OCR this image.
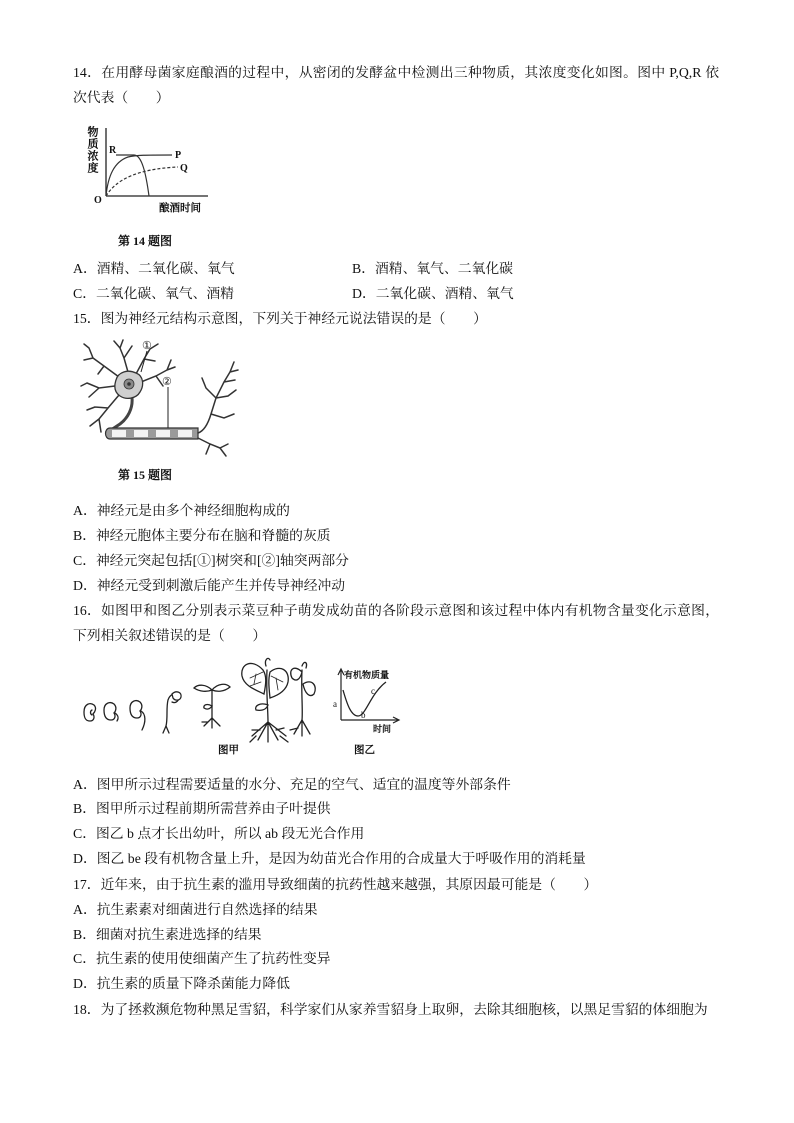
14．在用酵母菌家庭酿酒的过程中，从密闭的发酵盆中检测出三种物质，其浓度变化如图。图中 P,Q,R 依次代表（　　）
物质浓度 R	P
Q
O
酿酒时间
第 14 题图
A．酒精、二氧化碳、氧气	B．酒精、氧气、二氧化碳
C．二氧化碳、氧气、酒精	D．二氧化碳、酒精、氧气
15．图为神经元结构示意图，下列关于神经元说法错误的是（　　）
①
②
第 15 题图
A．神经元是由多个神经细胞构成的
B．神经元胞体主要分布在脑和脊髓的灰质
C．神经元突起包括[①]树突和[②]轴突两部分
D．神经元受到刺激后能产生并传导神经冲动
16．如图甲和图乙分别表示菜豆种子萌发成幼苗的各阶段示意图和该过程中体内有机物含量变化示意图，下列相关叙述错误的是（　　）
有机物质量
a
b
c
时间
图甲	图乙
A．图甲所示过程需要适量的水分、充足的空气、适宜的温度等外部条件
B．图甲所示过程前期所需营养由子叶提供
C．图乙 b 点才长出幼叶，所以 ab 段无光合作用
D．图乙 be 段有机物含量上升，是因为幼苗光合作用的合成量大于呼吸作用的消耗量
17．近年来，由于抗生素的滥用导致细菌的抗药性越来越强，其原因最可能是（　　）
A．抗生素素对细菌进行自然选择的结果
B．细菌对抗生素进选择的结果
C．抗生素的使用使细菌产生了抗药性变异
D．抗生素的质量下降杀菌能力降低
18．为了拯救濒危物种黑足雪貂，科学家们从家养雪貂身上取卵，去除其细胞核，以黑足雪貂的体细胞为
